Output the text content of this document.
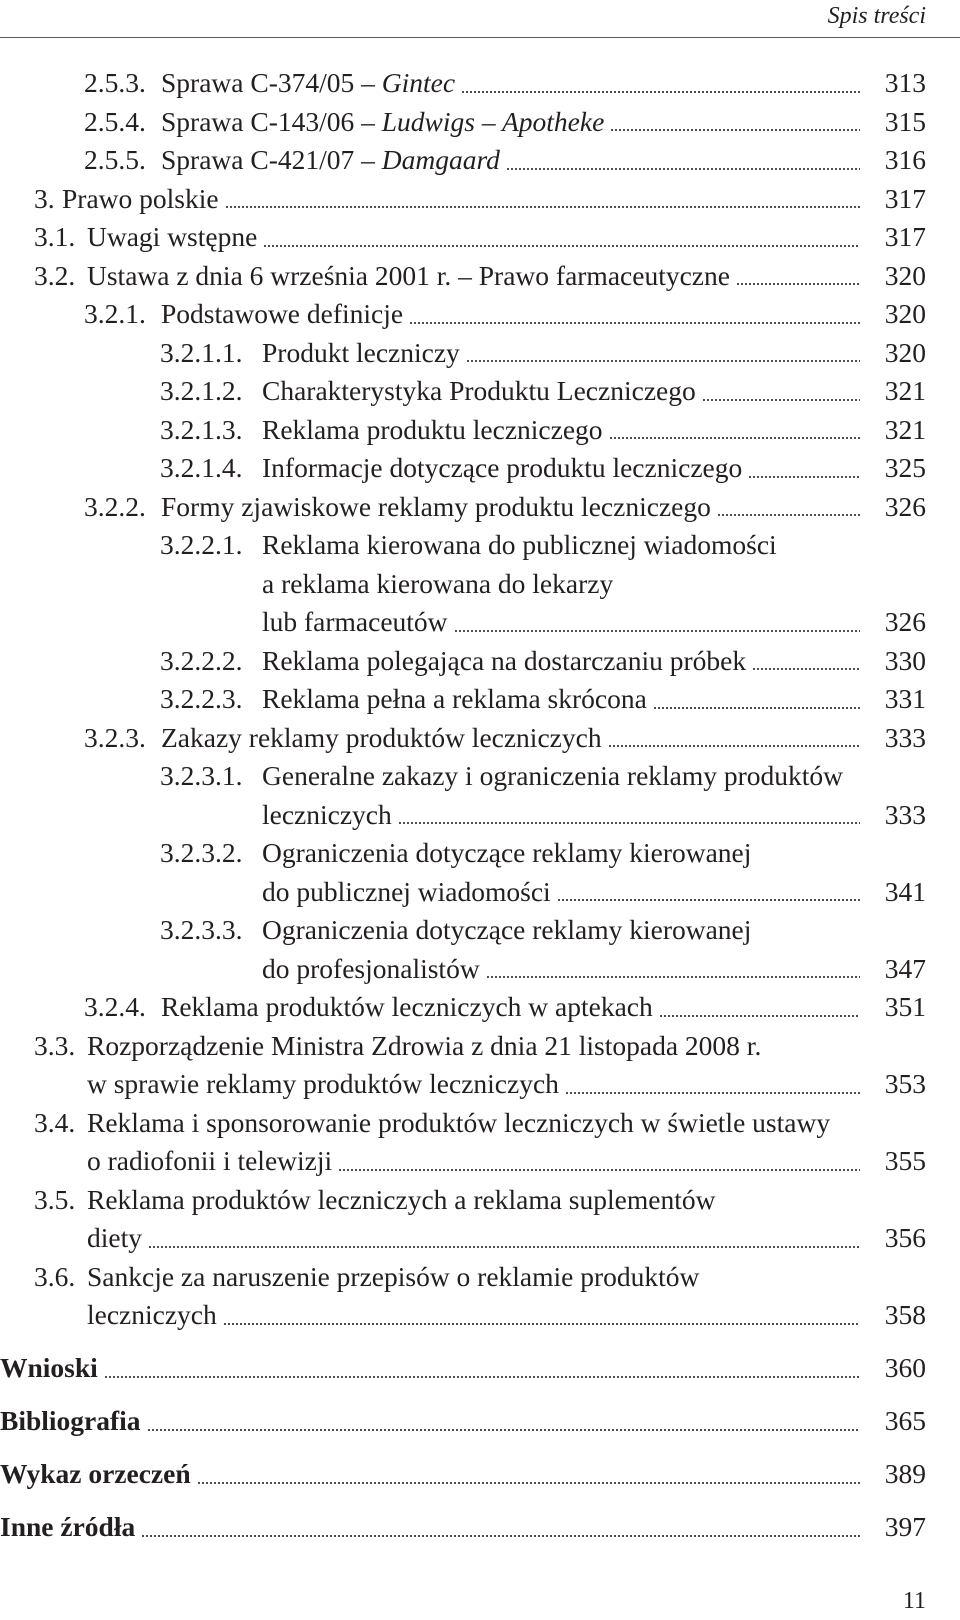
Spis treści
2.5.3. Sprawa C-374/05 – Gintec	313
2.5.4. Sprawa C-143/06 – Ludwigs – Apotheke	315
2.5.5. Sprawa C-421/07 – Damgaard	316
3. Prawo polskie	317
3.1. Uwagi wstępne	317
3.2. Ustawa z dnia 6 września 2001 r. – Prawo farmaceutyczne	320
3.2.1. Podstawowe definicje	320
3.2.1.1. Produkt leczniczy	320
3.2.1.2. Charakterystyka Produktu Leczniczego	321
3.2.1.3. Reklama produktu leczniczego	321
3.2.1.4. Informacje dotyczące produktu leczniczego	325
3.2.2. Formy zjawiskowe reklamy produktu leczniczego	326
3.2.2.1. Reklama kierowana do publicznej wiadomości
a reklama kierowana do lekarzy
lub farmaceutów	326
3.2.2.2. Reklama polegająca na dostarczaniu próbek	330
3.2.2.3. Reklama pełna a reklama skrócona	331
3.2.3. Zakazy reklamy produktów leczniczych	333
3.2.3.1. Generalne zakazy i ograniczenia reklamy produktów
leczniczych	333
3.2.3.2. Ograniczenia dotyczące reklamy kierowanej
do publicznej wiadomości	341
3.2.3.3. Ograniczenia dotyczące reklamy kierowanej
do profesjonalistów	347
3.2.4. Reklama produktów leczniczych w aptekach	351
3.3. Rozporządzenie Ministra Zdrowia z dnia 21 listopada 2008 r.
w sprawie reklamy produktów leczniczych	353
3.4. Reklama i sponsorowanie produktów leczniczych w świetle ustawy
o radiofonii i telewizji	355
3.5. Reklama produktów leczniczych a reklama suplementów
diety	356
3.6. Sankcje za naruszenie przepisów o reklamie produktów
leczniczych	358
Wnioski	360
Bibliografia	365
Wykaz orzeczeń	389
Inne źródła	397
11
